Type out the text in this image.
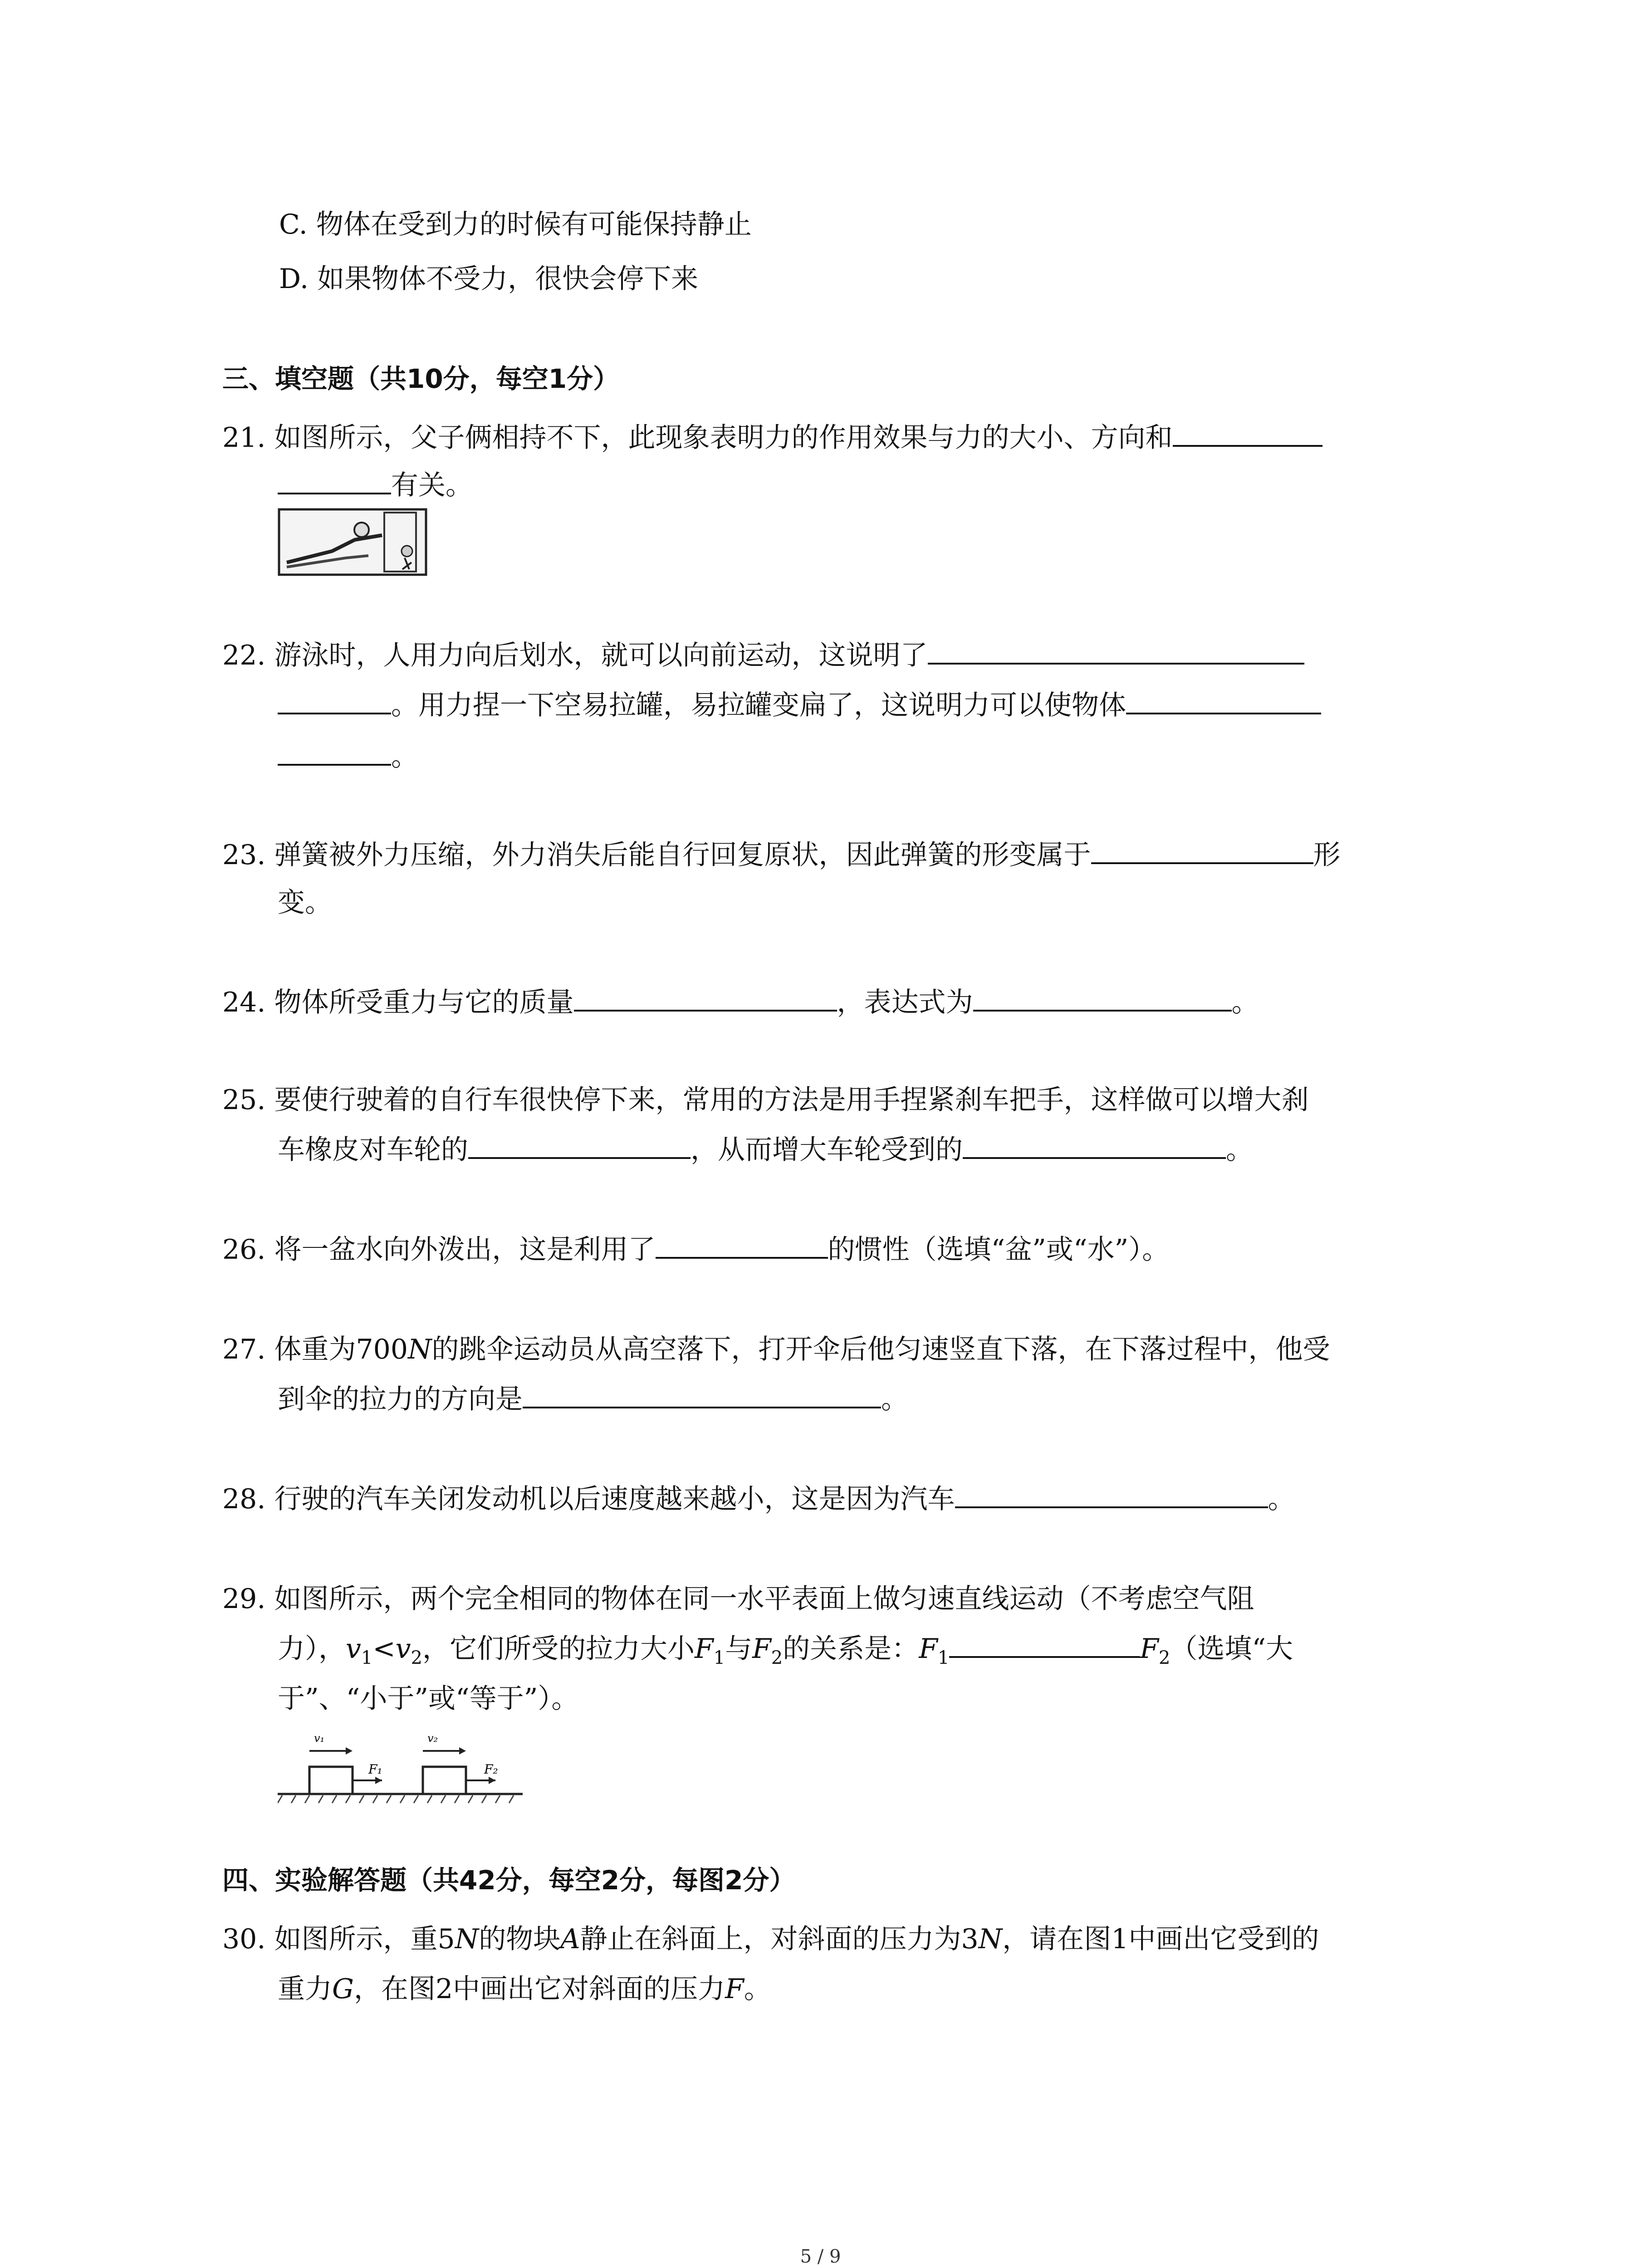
C. 物体在受到力的时候有可能保持静止
D. 如果物体不受力，很快会停下来
三、填空题（共10分，每空1分）
21. 如图所示，父子俩相持不下，此现象表明力的作用效果与力的大小、方向和
有关。
22. 游泳时，人用力向后划水，就可以向前运动，这说明了
。用力捏一下空易拉罐，易拉罐变扁了，这说明力可以使物体
。
23. 弹簧被外力压缩，外力消失后能自行回复原状，因此弹簧的形变属于	形
变。
24. 物体所受重力与它的质量	，表达式为	。
25. 要使行驶着的自行车很快停下来，常用的方法是用手捏紧刹车把手，这样做可以增大刹
车橡皮对车轮的	，从而增大车轮受到的	。
26. 将一盆水向外泼出，这是利用了	的惯性（选填“盆”或“水”）。
27. 体重为700N的跳伞运动员从高空落下，打开伞后他匀速竖直下落，在下落过程中，他受
到伞的拉力的方向是	。
28. 行驶的汽车关闭发动机以后速度越来越小，这是因为汽车	。
29. 如图所示，两个完全相同的物体在同一水平表面上做匀速直线运动（不考虑空气阻
力），$v_1<v_2$，它们所受的拉力大小$F_1$与$F_2$的关系是：$F_1$	$F_2$（选填“大
于”、“小于”或“等于”）。
v₁
F₁
v₂
F₂
四、实验解答题（共42分，每空2分，每图2分）
30. 如图所示，重5N的物块A静止在斜面上，对斜面的压力为3N，请在图1中画出它受到的
重力G，在图2中画出它对斜面的压力F。
5 / 9
